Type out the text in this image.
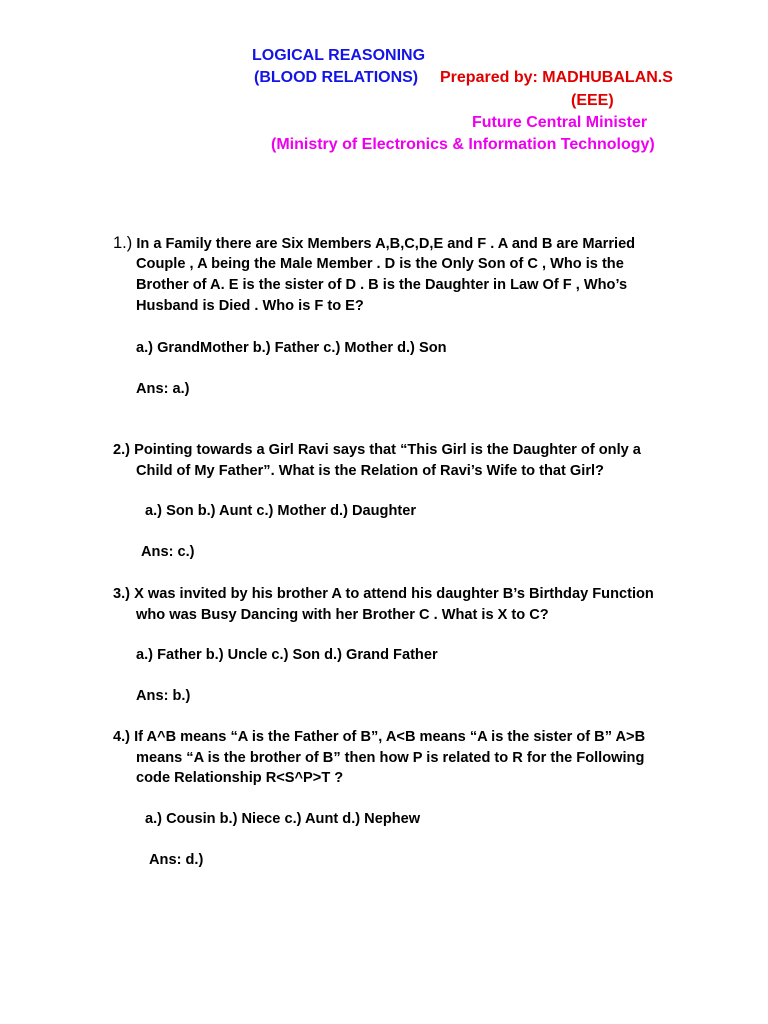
LOGICAL REASONING
(BLOOD RELATIONS) Prepared by: MADHUBALAN.S
(EEE)
Future Central Minister
(Ministry of Electronics & Information Technology)
1.) In a Family there are Six Members A,B,C,D,E and F . A and B are Married
Couple , A being the Male Member . D is the Only Son of C , Who is the
Brother of A. E is the sister of D . B is the Daughter in Law Of F , Who’s
Husband is Died . Who is F to E?
a.) GrandMother b.) Father c.) Mother d.) Son
Ans: a.)
2.) Pointing towards a Girl Ravi says that “This Girl is the Daughter of only a
Child of My Father”. What is the Relation of Ravi’s Wife to that Girl?
a.) Son b.) Aunt c.) Mother d.) Daughter
Ans: c.)
3.) X was invited by his brother A to attend his daughter B’s Birthday Function
who was Busy Dancing with her Brother C . What is X to C?
a.) Father b.) Uncle c.) Son d.) Grand Father
Ans: b.)
4.) If A^B means “A is the Father of B”, A<B means “A is the sister of B” A>B
means “A is the brother of B” then how P is related to R for the Following
code Relationship R<S^P>T ?
a.) Cousin b.) Niece c.) Aunt d.) Nephew
Ans: d.)
